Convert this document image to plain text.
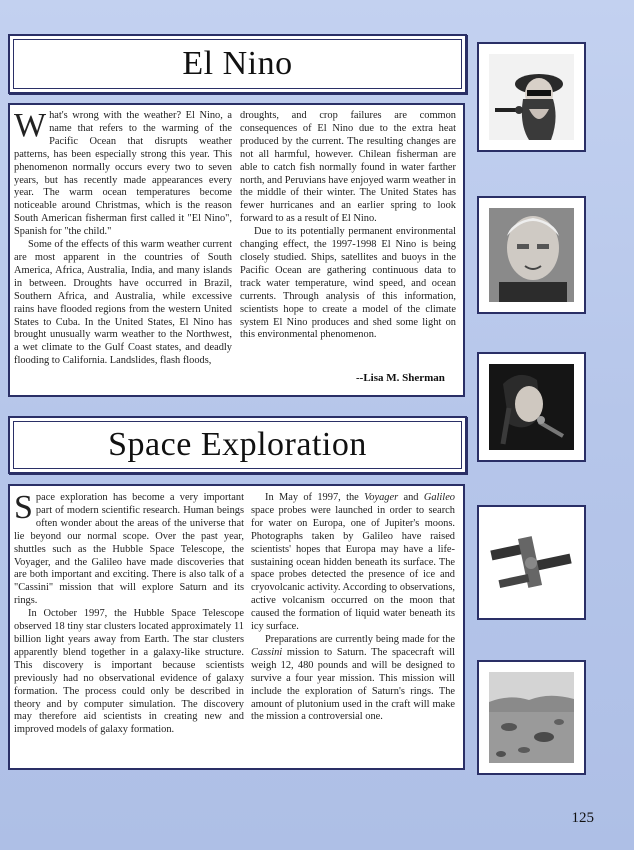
El Nino

What's wrong with the weather? El Nino, a name that refers to the warming of the Pacific Ocean that disrupts weather patterns, has been especially strong this year. This phenomenon normally occurs every two to seven years, but has recently made appearances every year. The warm ocean temperatures become noticeable around Christmas, which is the reason South American fisherman first called it "El Nino", Spanish for "the child."

Some of the effects of this warm weather current are most apparent in the countries of South America, Africa, Australia, India, and many islands in between. Droughts have occurred in Brazil, Southern Africa, and Australia, while excessive rains have flooded regions from the western United States to Cuba. In the United States, El Nino has brought unusually warm weather to the Northwest, a wet climate to the Gulf Coast states, and deadly flooding to California. Landslides, flash floods,

droughts, and crop failures are common consequences of El Nino due to the extra heat produced by the current. The resulting changes are not all harmful, however. Chilean fisherman are able to catch fish normally found in water farther north, and Peruvians have enjoyed warm weather in the middle of their winter. The United States has fewer hurricanes and an earlier spring to look forward to as a result of El Nino.

Due to its potentially permanent environmental changing effect, the 1997-1998 El Nino is being closely studied. Ships, satellites and buoys in the Pacific Ocean are gathering continuous data to track water temperature, wind speed, and ocean currents. Through analysis of this information, scientists hope to create a model of the climate system El Nino produces and shed some light on this environmental phenomenon.

--Lisa M. Sherman
Space Exploration

Space exploration has become a very important part of modern scientific research. Human beings often wonder about the areas of the universe that lie beyond our normal scope. Over the past year, shuttles such as the Hubble Space Telescope, the Voyager, and the Galileo have made discoveries that are both important and exciting. There is also talk of a "Cassini" mission that will explore Saturn and its rings.

In October 1997, the Hubble Space Telescope observed 18 tiny star clusters located approximately 11 billion light years away from Earth. The star clusters apparently blend together in a galaxy-like structure. This discovery is important because scientists previously had no observational evidence of galaxy formation. The process could only be described in theory and by computer simulation. The discovery may therefore aid scientists in creating new and improved models of galaxy formation.

In May of 1997, the Voyager and Galileo space probes were launched in order to search for water on Europa, one of Jupiter's moons. Photographs taken by Galileo have raised scientists' hopes that Europa may have a life-sustaining ocean hidden beneath its surface. The space probes detected the presence of ice and cryovolcanic activity. According to observations, active volcanism occurred on the moon that caused the formation of liquid water beneath its icy surface.

Preparations are currently being made for the Cassini mission to Saturn. The spacecraft will weigh 12, 480 pounds and will be designed to survive a four year mission. This mission will include the exploration of Saturn's rings. The amount of plutonium used in the craft will make the mission a controversial one.

125
